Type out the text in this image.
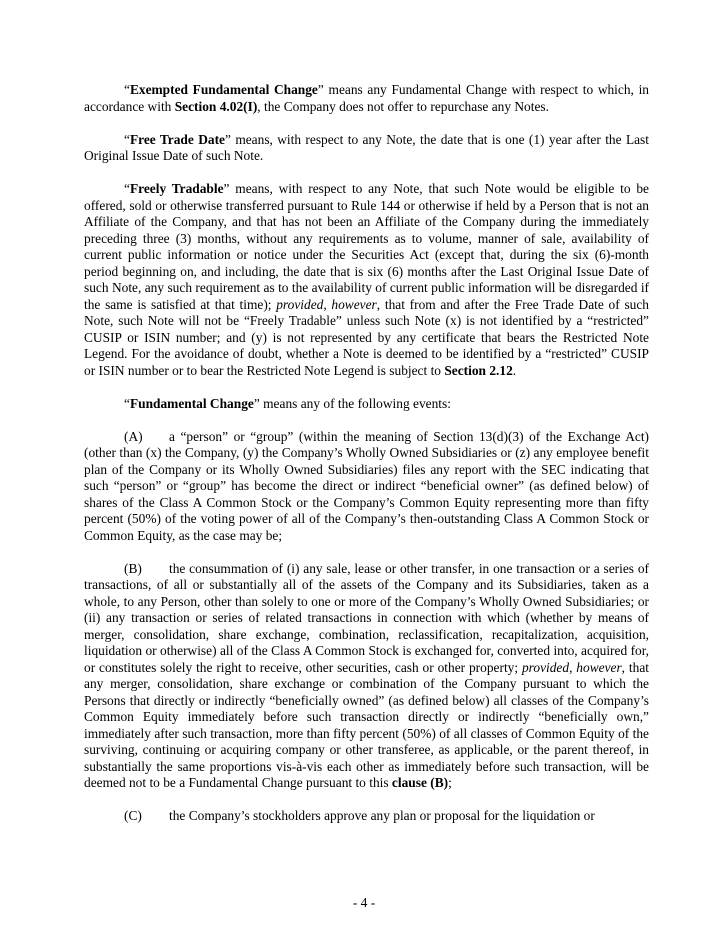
“Exempted Fundamental Change” means any Fundamental Change with respect to which, in accordance with Section 4.02(I), the Company does not offer to repurchase any Notes.

“Free Trade Date” means, with respect to any Note, the date that is one (1) year after the Last Original Issue Date of such Note.

“Freely Tradable” means, with respect to any Note, that such Note would be eligible to be offered, sold or otherwise transferred pursuant to Rule 144 or otherwise if held by a Person that is not an Affiliate of the Company, and that has not been an Affiliate of the Company during the immediately preceding three (3) months, without any requirements as to volume, manner of sale, availability of current public information or notice under the Securities Act (except that, during the six (6)-month period beginning on, and including, the date that is six (6) months after the Last Original Issue Date of such Note, any such requirement as to the availability of current public information will be disregarded if the same is satisfied at that time); provided, however, that from and after the Free Trade Date of such Note, such Note will not be “Freely Tradable” unless such Note (x) is not identified by a “restricted” CUSIP or ISIN number; and (y) is not represented by any certificate that bears the Restricted Note Legend. For the avoidance of doubt, whether a Note is deemed to be identified by a “restricted” CUSIP or ISIN number or to bear the Restricted Note Legend is subject to Section 2.12.

“Fundamental Change” means any of the following events:

(A) a “person” or “group” (within the meaning of Section 13(d)(3) of the Exchange Act) (other than (x) the Company, (y) the Company’s Wholly Owned Subsidiaries or (z) any employee benefit plan of the Company or its Wholly Owned Subsidiaries) files any report with the SEC indicating that such “person” or “group” has become the direct or indirect “beneficial owner” (as defined below) of shares of the Class A Common Stock or the Company’s Common Equity representing more than fifty percent (50%) of the voting power of all of the Company’s then-outstanding Class A Common Stock or Common Equity, as the case may be;

(B) the consummation of (i) any sale, lease or other transfer, in one transaction or a series of transactions, of all or substantially all of the assets of the Company and its Subsidiaries, taken as a whole, to any Person, other than solely to one or more of the Company’s Wholly Owned Subsidiaries; or (ii) any transaction or series of related transactions in connection with which (whether by means of merger, consolidation, share exchange, combination, reclassification, recapitalization, acquisition, liquidation or otherwise) all of the Class A Common Stock is exchanged for, converted into, acquired for, or constitutes solely the right to receive, other securities, cash or other property; provided, however, that any merger, consolidation, share exchange or combination of the Company pursuant to which the Persons that directly or indirectly “beneficially owned” (as defined below) all classes of the Company’s Common Equity immediately before such transaction directly or indirectly “beneficially own,” immediately after such transaction, more than fifty percent (50%) of all classes of Common Equity of the surviving, continuing or acquiring company or other transferee, as applicable, or the parent thereof, in substantially the same proportions vis-à-vis each other as immediately before such transaction, will be deemed not to be a Fundamental Change pursuant to this clause (B);

(C) the Company’s stockholders approve any plan or proposal for the liquidation or

- 4 -
